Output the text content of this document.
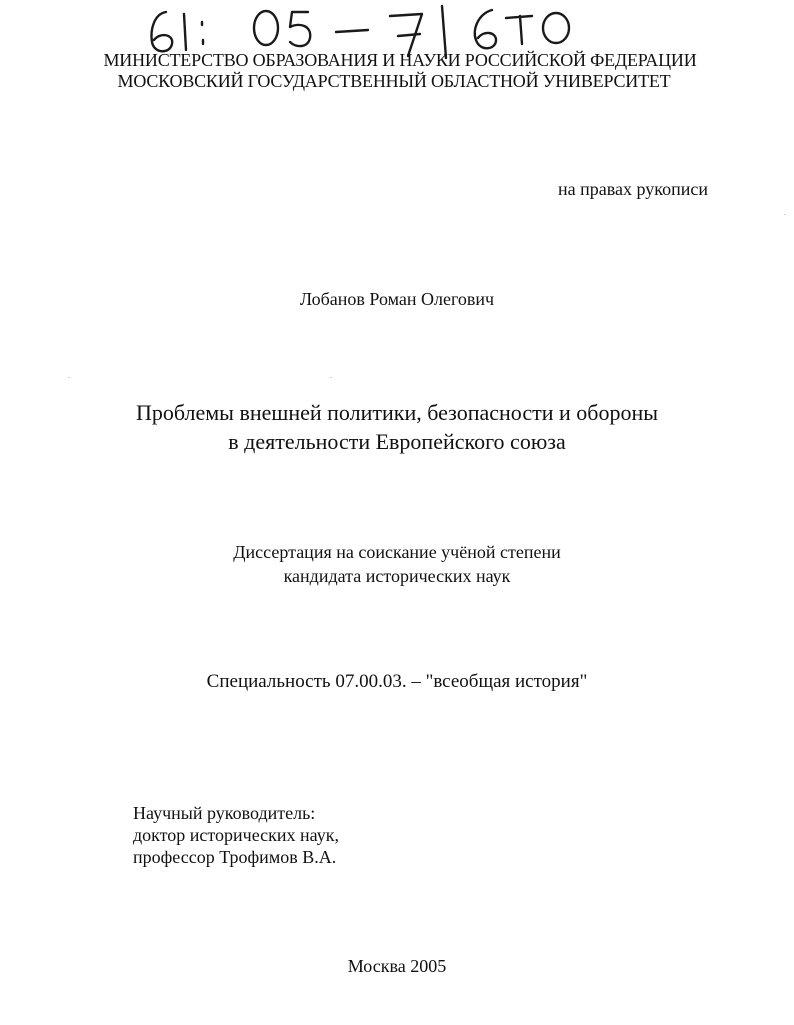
МИНИСТЕРСТВО ОБРАЗОВАНИЯ И НАУКИ РОССИЙСКОЙ ФЕДЕРАЦИИ
МОСКОВСКИЙ ГОСУДАРСТВЕННЫЙ ОБЛАСТНОЙ УНИВЕРСИТЕТ
на правах рукописи
Лобанов Роман Олегович
Проблемы внешней политики, безопасности и обороны
в деятельности Европейского союза
Диссертация на соискание учёной степени
кандидата исторических наук
Специальность 07.00.03. – "всеобщая история"
Научный руководитель:
доктор исторических наук,
профессор Трофимов В.А.
Москва 2005
